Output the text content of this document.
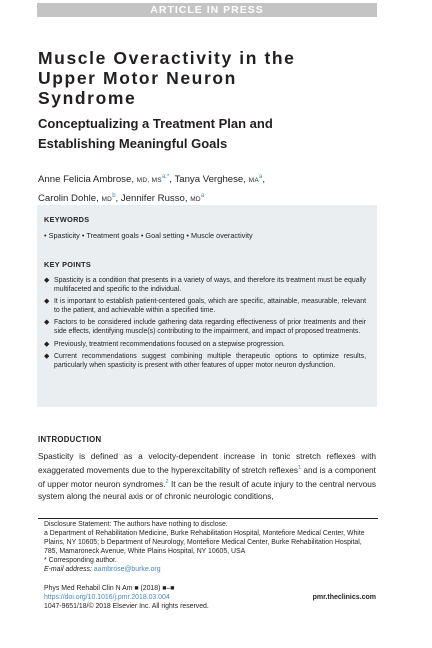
ARTICLE IN PRESS
Muscle Overactivity in the
Upper Motor Neuron
Syndrome
Conceptualizing a Treatment Plan and
Establishing Meaningful Goals
Anne Felicia Ambrose, MD, $MS^{a,*}$, Tanya Verghese, $MA^a$,
Carolin Dohle, $MD^b$, Jennifer Russo, $MD^a$
KEYWORDS
• Spasticity • Treatment goals • Goal setting • Muscle overactivity
KEY POINTS
◆ Spasticity is a condition that presents in a variety of ways, and therefore its treatment must be equally multifaceted and specific to the individual.
◆ It is important to establish patient-centered goals, which are specific, attainable, measurable, relevant to the patient, and achievable within a specified time.
◆ Factors to be considered include gathering data regarding effectiveness of prior treatments and their side effects, identifying muscle(s) contributing to the impairment, and impact of proposed treatments.
◆ Previously, treatment recommendations focused on a stepwise progression.
◆ Current recommendations suggest combining multiple therapeutic options to optimize results, particularly when spasticity is present with other features of upper motor neuron dysfunction.
INTRODUCTION
Spasticity is defined as a velocity-dependent increase in tonic stretch reflexes with exaggerated movements due to the hyperexcitability of stretch reflexes$^1$ and is a component of upper motor neuron syndromes.$^2$ It can be the result of acute injury to the central nervous system along the neural axis or of chronic neurologic conditions,
Disclosure Statement: The authors have nothing to disclose.
a Department of Rehabilitation Medicine, Burke Rehabilitation Hospital, Montefiore Medical Center, White Plains, NY 10605; b Department of Neurology, Montefiore Medical Center, Burke Rehabilitation Hospital, 785, Mamaroneck Avenue, White Plains Hospital, NY 10605, USA
* Corresponding author.
E-mail address: aambrose@burke.org
Phys Med Rehabil Clin N Am ■ (2018) ■–■
https://doi.org/10.1016/j.pmr.2018.03.004
1047-9651/18/© 2018 Elsevier Inc. All rights reserved.
pmr.theclinics.com
